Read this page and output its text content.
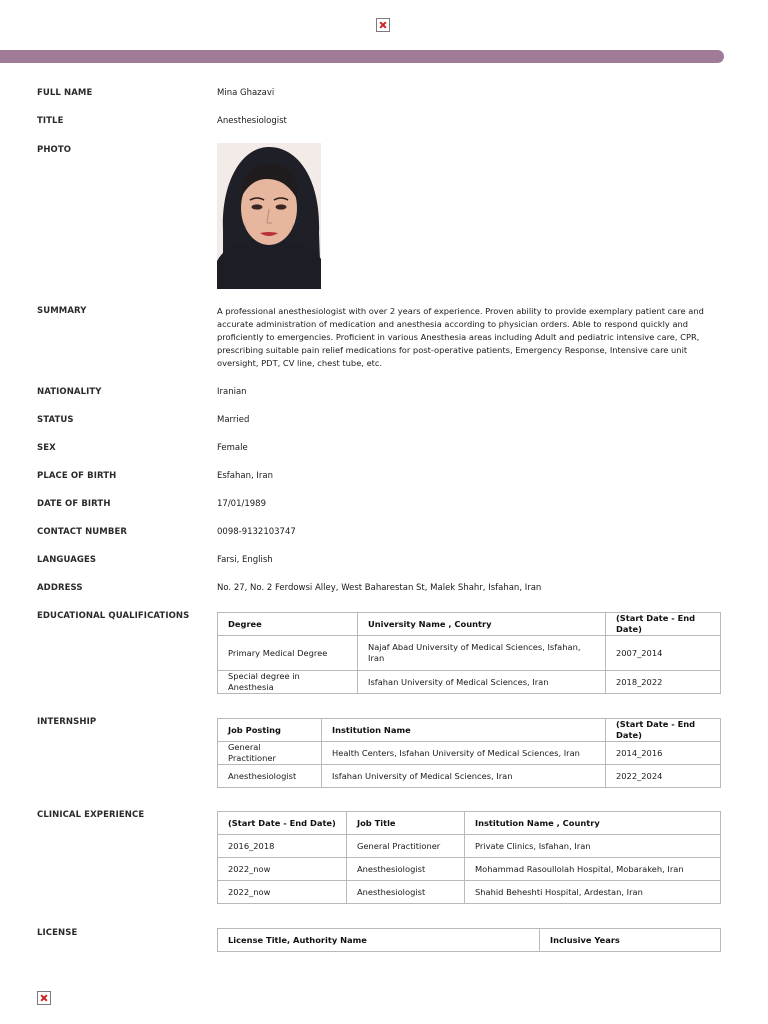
FULL NAME	Mina Ghazavi
TITLE	Anesthesiologist
PHOTO
SUMMARY	A professional anesthesiologist with over 2 years of experience. Proven ability to provide exemplary patient care and accurate administration of medication and anesthesia according to physician orders. Able to respond quickly and proficiently to emergencies. Proficient in various Anesthesia areas including Adult and pediatric intensive care, CPR, prescribing suitable pain relief medications for post-operative patients, Emergency Response, Intensive care unit oversight, PDT, CV line, chest tube, etc.
NATIONALITY	Iranian
STATUS	Married
SEX	Female
PLACE OF BIRTH	Esfahan, Iran
DATE OF BIRTH	17/01/1989
CONTACT NUMBER	0098-9132103747
LANGUAGES	Farsi, English
ADDRESS	No. 27, No. 2 Ferdowsi Alley, West Baharestan St, Malek Shahr, Isfahan, Iran
EDUCATIONAL QUALIFICATIONS
Degree	University Name , Country	(Start Date - End Date)
Primary Medical Degree	Najaf Abad University of Medical Sciences, Isfahan, Iran	2007_2014
Special degree in Anesthesia	Isfahan University of Medical Sciences, Iran	2018_2022
INTERNSHIP
Job Posting	Institution Name	(Start Date - End Date)
General Practitioner	Health Centers, Isfahan University of Medical Sciences, Iran	2014_2016
Anesthesiologist	Isfahan University of Medical Sciences, Iran	2022_2024
CLINICAL EXPERIENCE
(Start Date - End Date)	Job Title	Institution Name , Country
2016_2018	General Practitioner	Private Clinics, Isfahan, Iran
2022_now	Anesthesiologist	Mohammad Rasoullolah Hospital, Mobarakeh, Iran
2022_now	Anesthesiologist	Shahid Beheshti Hospital, Ardestan, Iran
LICENSE
License Title, Authority Name	Inclusive Years
